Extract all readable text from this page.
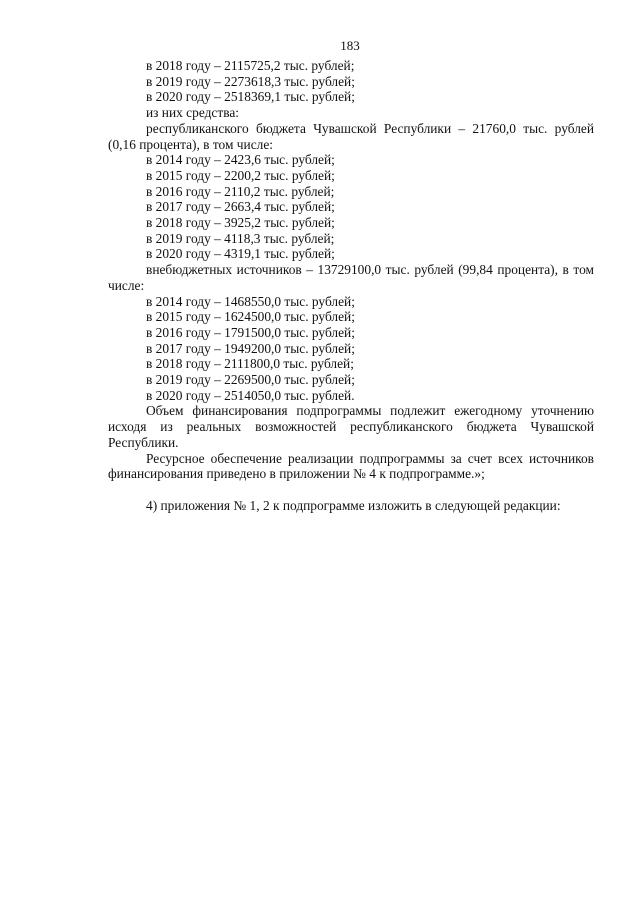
183

в 2018 году – 2115725,2 тыс. рублей;

в 2019 году – 2273618,3 тыс. рублей;

в 2020 году – 2518369,1 тыс. рублей;

из них средства:

республиканского бюджета Чувашской Республики – 21760,0 тыс. рублей (0,16 процента), в том числе:

в 2014 году – 2423,6 тыс. рублей;

в 2015 году – 2200,2 тыс. рублей;

в 2016 году – 2110,2 тыс. рублей;

в 2017 году – 2663,4 тыс. рублей;

в 2018 году – 3925,2 тыс. рублей;

в 2019 году – 4118,3 тыс. рублей;

в 2020 году – 4319,1 тыс. рублей;

внебюджетных источников – 13729100,0 тыс. рублей (99,84 процента), в том числе:

в 2014 году – 1468550,0 тыс. рублей;

в 2015 году – 1624500,0 тыс. рублей;

в 2016 году – 1791500,0 тыс. рублей;

в 2017 году – 1949200,0 тыс. рублей;

в 2018 году – 2111800,0 тыс. рублей;

в 2019 году – 2269500,0 тыс. рублей;

в 2020 году – 2514050,0 тыс. рублей.

Объем финансирования подпрограммы подлежит ежегодному уточнению исходя из реальных возможностей республиканского бюджета Чувашской Республики.

Ресурсное обеспечение реализации подпрограммы за счет всех источников финансирования приведено в приложении № 4 к подпрограмме.»;

4) приложения № 1, 2 к подпрограмме изложить в следующей редакции:
